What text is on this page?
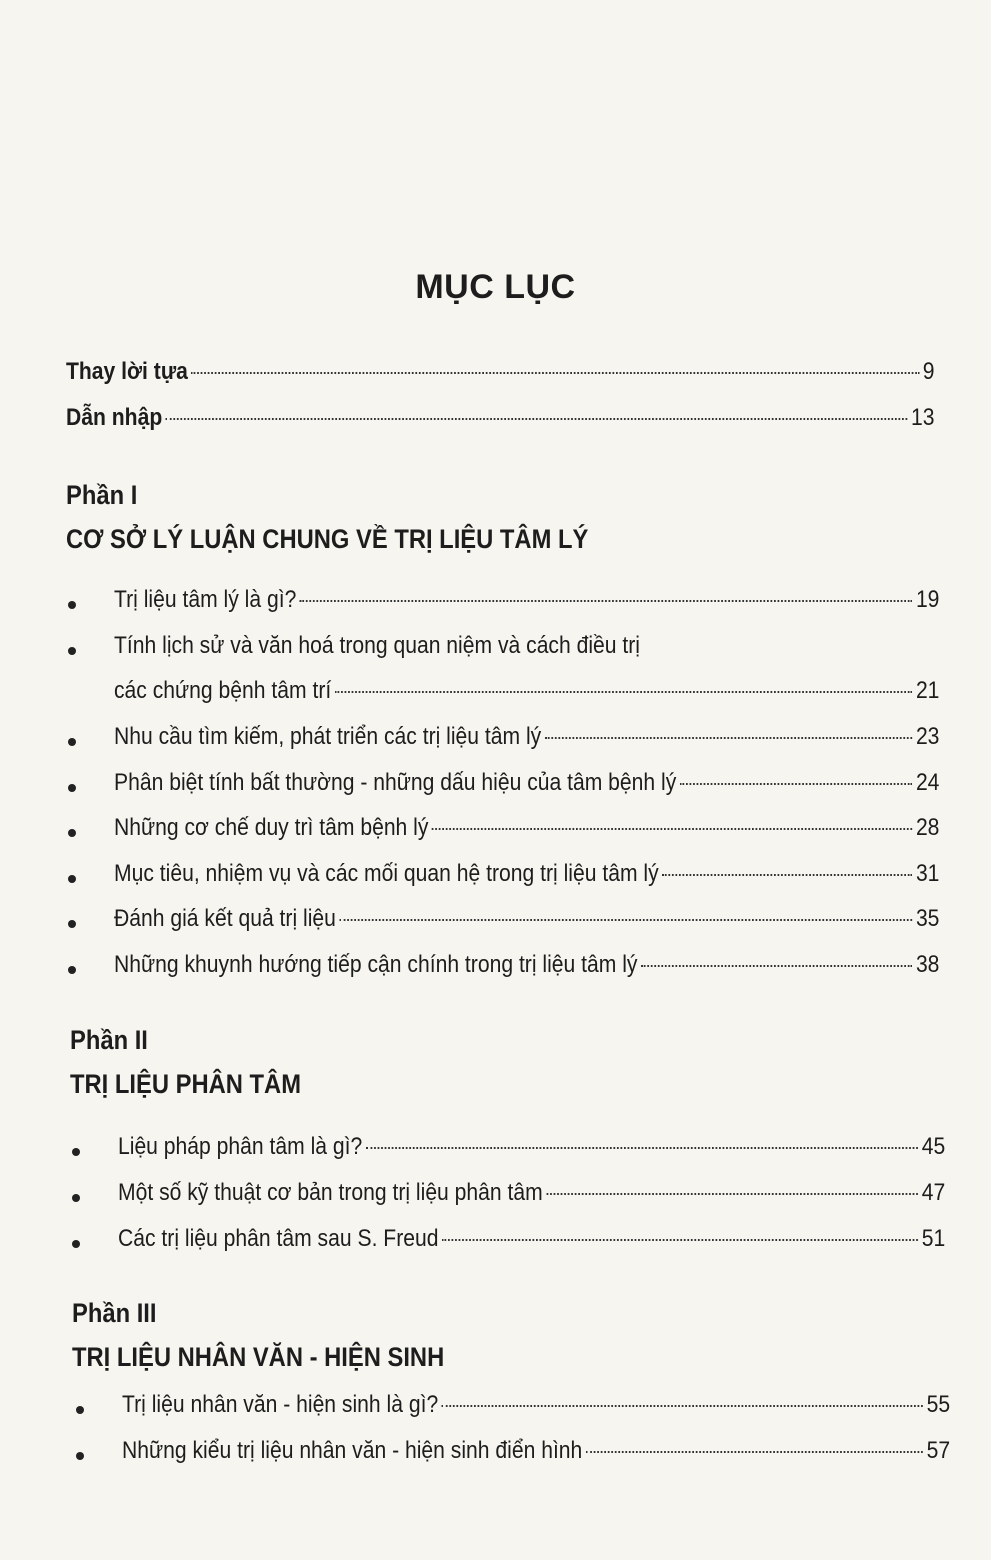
MỤC LỤC
Thay lời tựa	9
Dẫn nhập	13
Phần I
CƠ SỞ LÝ LUẬN CHUNG VỀ TRỊ LIỆU TÂM LÝ
Trị liệu tâm lý là gì?	19
Tính lịch sử và văn hoá trong quan niệm và cách điều trị
các chứng bệnh tâm trí	21
Nhu cầu tìm kiếm, phát triển các trị liệu tâm lý	23
Phân biệt tính bất thường - những dấu hiệu của tâm bệnh lý	24
Những cơ chế duy trì tâm bệnh lý	28
Mục tiêu, nhiệm vụ và các mối quan hệ trong trị liệu tâm lý	31
Đánh giá kết quả trị liệu	35
Những khuynh hướng tiếp cận chính trong trị liệu tâm lý	38
Phần II
TRỊ LIỆU PHÂN TÂM
Liệu pháp phân tâm là gì?	45
Một số kỹ thuật cơ bản trong trị liệu phân tâm	47
Các trị liệu phân tâm sau S. Freud	51
Phần III
TRỊ LIỆU NHÂN VĂN - HIỆN SINH
Trị liệu nhân văn - hiện sinh là gì?	55
Những kiểu trị liệu nhân văn - hiện sinh điển hình	57
